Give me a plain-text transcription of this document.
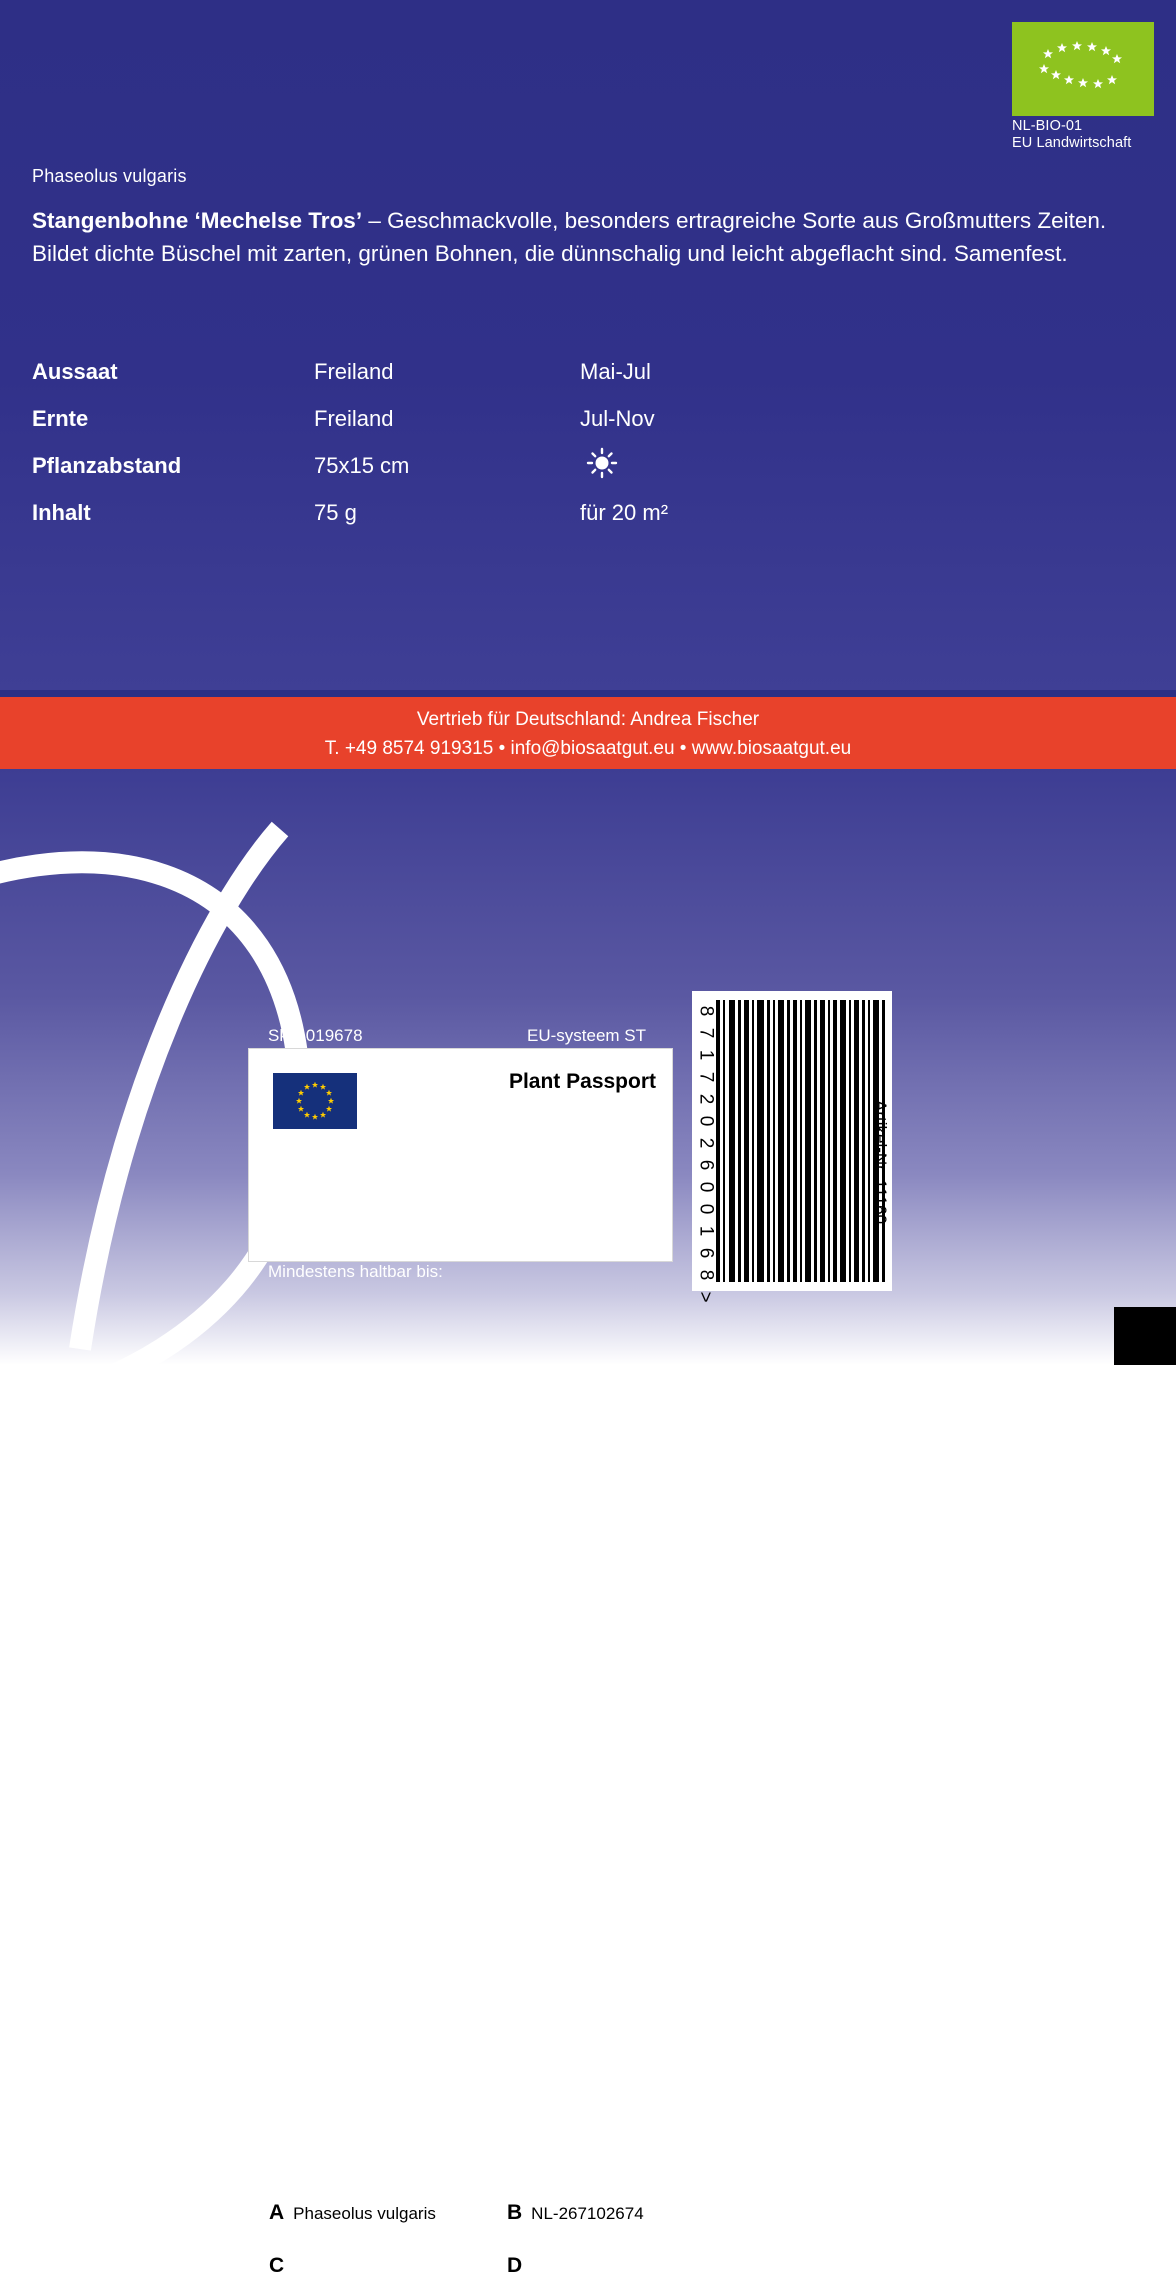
NL-BIO-01
EU Landwirtschaft
Phaseolus vulgaris
Stangenbohne ‘Mechelse Tros’ – Geschmackvolle, besonders ertragreiche Sorte aus Großmutters Zeiten. Bildet dichte Büschel mit zarten, grünen Bohnen, die dünnschalig und leicht abgeflacht sind. Samenfest.
Aussaat	Freiland	Mai-Jul
Ernte	Freiland	Jul-Nov
Pflanzabstand	75x15 cm
Inhalt	75 g	für 20 m²
Vertrieb für Deutschland: Andrea Fischer
T. +49 8574 919315 • info@biosaatgut.eu • www.biosaatgut.eu
Skal 019678	EU-systeem ST
Mindestens haltbar bis:
Plant Passport
A Phaseolus vulgaris	B NL-267102674
C	D
8
7
1
7
2
0
2
6
0
0
1
6
8
>
Artikel-Nr. 11160
